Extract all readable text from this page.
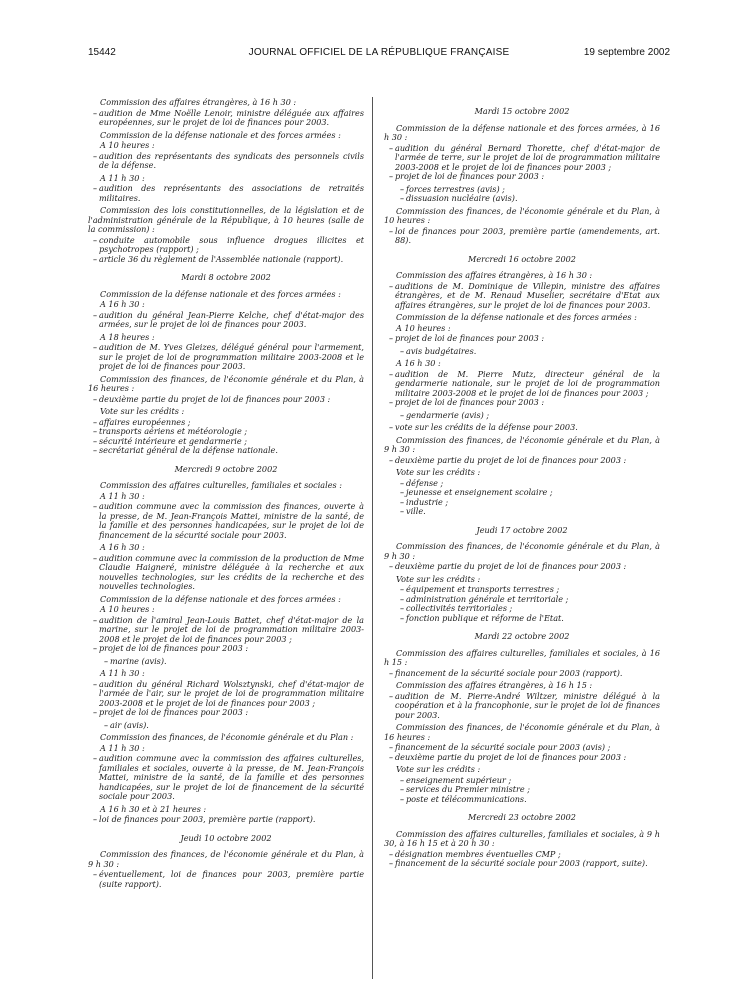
15442	JOURNAL OFFICIEL DE LA RÉPUBLIQUE FRANÇAISE	19 septembre 2002
Commission des affaires étrangères, à 16 h 30 :
– audition de Mme Noëlle Lenoir, ministre déléguée aux affaires européennes, sur le projet de loi de finances pour 2003.
Commission de la défense nationale et des forces armées :
A 10 heures :
– audition des représentants des syndicats des personnels civils de la défense.
A 11 h 30 :
– audition des représentants des associations de retraités militaires.
Commission des lois constitutionnelles, de la législation et de l'administration générale de la République, à 10 heures (salle de la commission) :
– conduite automobile sous influence drogues illicites et psychotropes (rapport) ;
– article 36 du règlement de l'Assemblée nationale (rapport).
Mardi 8 octobre 2002
Commission de la défense nationale et des forces armées :
A 16 h 30 :
– audition du général Jean-Pierre Kelche, chef d'état-major des armées, sur le projet de loi de finances pour 2003.
A 18 heures :
– audition de M. Yves Gleizes, délégué général pour l'armement, sur le projet de loi de programmation militaire 2003-2008 et le projet de loi de finances pour 2003.
Commission des finances, de l'économie générale et du Plan, à 16 heures :
– deuxième partie du projet de loi de finances pour 2003 :
Vote sur les crédits :
– affaires européennes ;
– transports aériens et météorologie ;
– sécurité intérieure et gendarmerie ;
– secrétariat général de la défense nationale.
Mercredi 9 octobre 2002
Commission des affaires culturelles, familiales et sociales :
A 11 h 30 :
– audition commune avec la commission des finances, ouverte à la presse, de M. Jean-François Mattei, ministre de la santé, de la famille et des personnes handicapées, sur le projet de loi de financement de la sécurité sociale pour 2003.
A 16 h 30 :
– audition commune avec la commission de la production de Mme Claudie Haigneré, ministre déléguée à la recherche et aux nouvelles technologies, sur les crédits de la recherche et des nouvelles technologies.
Commission de la défense nationale et des forces armées :
A 10 heures :
– audition de l'amiral Jean-Louis Battet, chef d'état-major de la marine, sur le projet de loi de programmation militaire 2003-2008 et le projet de loi de finances pour 2003 ;
– projet de loi de finances pour 2003 :
– marine (avis).
A 11 h 30 :
– audition du général Richard Wolsztynski, chef d'état-major de l'armée de l'air, sur le projet de loi de programmation militaire 2003-2008 et le projet de loi de finances pour 2003 ;
– projet de loi de finances pour 2003 :
– air (avis).
Commission des finances, de l'économie générale et du Plan :
A 11 h 30 :
– audition commune avec la commission des affaires culturelles, familiales et sociales, ouverte à la presse, de M. Jean-François Mattei, ministre de la santé, de la famille et des personnes handicapées, sur le projet de loi de financement de la sécurité sociale pour 2003.
A 16 h 30 et à 21 heures :
– loi de finances pour 2003, première partie (rapport).
Jeudi 10 octobre 2002
Commission des finances, de l'économie générale et du Plan, à 9 h 30 :
– éventuellement, loi de finances pour 2003, première partie (suite rapport).
Mardi 15 octobre 2002
Commission de la défense nationale et des forces armées, à 16 h 30 :
– audition du général Bernard Thorette, chef d'état-major de l'armée de terre, sur le projet de loi de programmation militaire 2003-2008 et le projet de loi de finances pour 2003 ;
– projet de loi de finances pour 2003 :
– forces terrestres (avis) ;
– dissuasion nucléaire (avis).
Commission des finances, de l'économie générale et du Plan, à 10 heures :
– loi de finances pour 2003, première partie (amendements, art. 88).
Mercredi 16 octobre 2002
Commission des affaires étrangères, à 16 h 30 :
– auditions de M. Dominique de Villepin, ministre des affaires étrangères, et de M. Renaud Muselier, secrétaire d'Etat aux affaires étrangères, sur le projet de loi de finances pour 2003.
Commission de la défense nationale et des forces armées :
A 10 heures :
– projet de loi de finances pour 2003 :
– avis budgétaires.
A 16 h 30 :
– audition de M. Pierre Mutz, directeur général de la gendarmerie nationale, sur le projet de loi de programmation militaire 2003-2008 et le projet de loi de finances pour 2003 ;
– projet de loi de finances pour 2003 :
– gendarmerie (avis) ;
– vote sur les crédits de la défense pour 2003.
Commission des finances, de l'économie générale et du Plan, à 9 h 30 :
– deuxième partie du projet de loi de finances pour 2003 :
Vote sur les crédits :
– défense ;
– jeunesse et enseignement scolaire ;
– industrie ;
– ville.
Jeudi 17 octobre 2002
Commission des finances, de l'économie générale et du Plan, à 9 h 30 :
– deuxième partie du projet de loi de finances pour 2003 :
Vote sur les crédits :
– équipement et transports terrestres ;
– administration générale et territoriale ;
– collectivités territoriales ;
– fonction publique et réforme de l'Etat.
Mardi 22 octobre 2002
Commission des affaires culturelles, familiales et sociales, à 16 h 15 :
– financement de la sécurité sociale pour 2003 (rapport).
Commission des affaires étrangères, à 16 h 15 :
– audition de M. Pierre-André Wiltzer, ministre délégué à la coopération et à la francophonie, sur le projet de loi de finances pour 2003.
Commission des finances, de l'économie générale et du Plan, à 16 heures :
– financement de la sécurité sociale pour 2003 (avis) ;
– deuxième partie du projet de loi de finances pour 2003 :
Vote sur les crédits :
– enseignement supérieur ;
– services du Premier ministre ;
– poste et télécommunications.
Mercredi 23 octobre 2002
Commission des affaires culturelles, familiales et sociales, à 9 h 30, à 16 h 15 et à 20 h 30 :
– désignation membres éventuelles CMP ;
– financement de la sécurité sociale pour 2003 (rapport, suite).
